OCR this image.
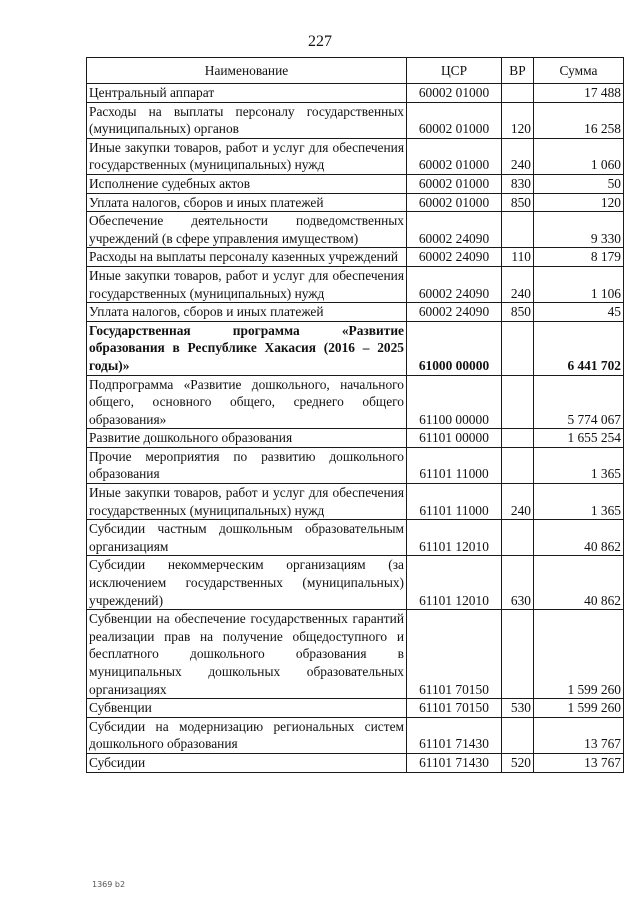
227
Наименование	ЦСР	ВР	Сумма
Центральный аппарат	60002 01000		17 488
Расходы на выплаты персоналу государственных (муниципальных) органов	60002 01000	120	16 258
Иные закупки товаров, работ и услуг для обеспечения государственных (муниципальных) нужд	60002 01000	240	1 060
Исполнение судебных актов	60002 01000	830	50
Уплата налогов, сборов и иных платежей	60002 01000	850	120
Обеспечение деятельности подведомственных учреждений (в сфере управления имуществом)	60002 24090		9 330
Расходы на выплаты персоналу казенных учреждений	60002 24090	110	8 179
Иные закупки товаров, работ и услуг для обеспечения государственных (муниципальных) нужд	60002 24090	240	1 106
Уплата налогов, сборов и иных платежей	60002 24090	850	45
Государственная программа «Развитие образования в Республике Хакасия (2016 – 2025 годы)»	61000 00000		6 441 702
Подпрограмма «Развитие дошкольного, начального общего, основного общего, среднего общего образования»	61100 00000		5 774 067
Развитие дошкольного образования	61101 00000		1 655 254
Прочие мероприятия по развитию дошкольного образования	61101 11000		1 365
Иные закупки товаров, работ и услуг для обеспечения государственных (муниципальных) нужд	61101 11000	240	1 365
Субсидии частным дошкольным образовательным организациям	61101 12010		40 862
Субсидии некоммерческим организациям (за исключением государственных (муниципальных) учреждений)	61101 12010	630	40 862
Субвенции на обеспечение государственных гарантий реализации прав на получение общедоступного и бесплатного дошкольного образования в муниципальных дошкольных образовательных организациях	61101 70150		1 599 260
Субвенции	61101 70150	530	1 599 260
Субсидии на модернизацию региональных систем дошкольного образования	61101 71430		13 767
Субсидии	61101 71430	520	13 767
1369 b2
